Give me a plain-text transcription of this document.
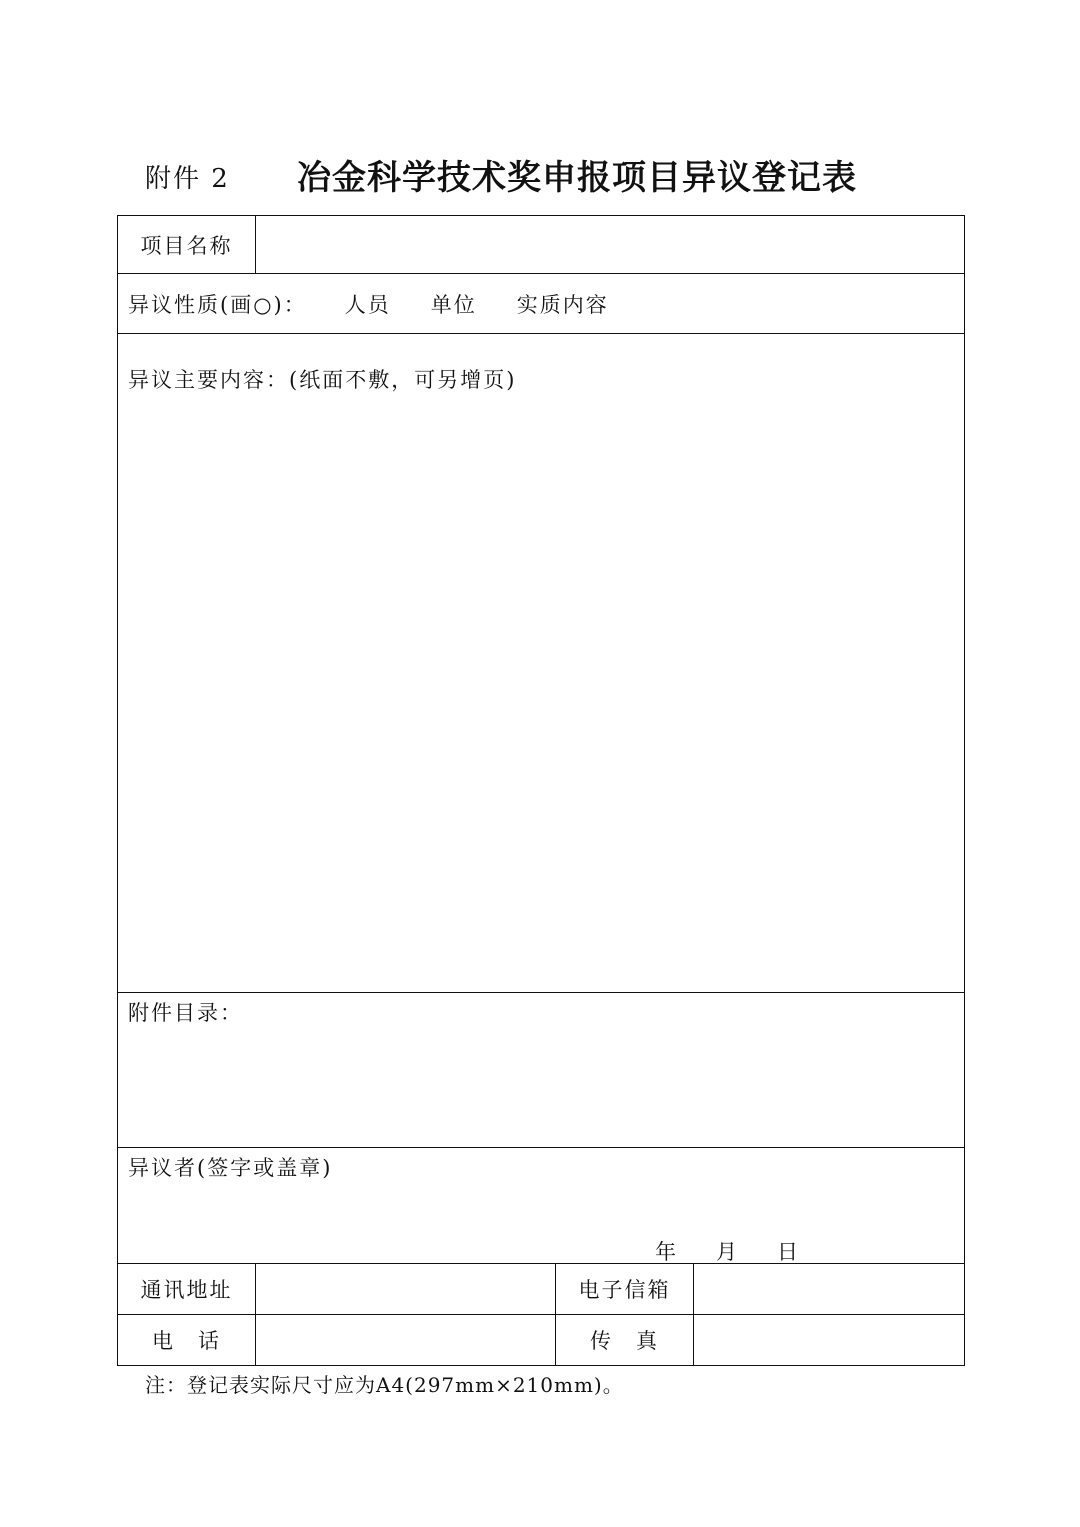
附件 2 冶金科学技术奖申报项目异议登记表
项目名称			
异议性质(画○)： 人员 单位 实质内容			

异议主要内容：(纸面不敷，可另增页)			

附件目录：			

异议者(签字或盖章)
年 月 日			

通讯地址		电子信箱	
电　话		传　真	
注：登记表实际尺寸应为A4(297mm×210mm)。
